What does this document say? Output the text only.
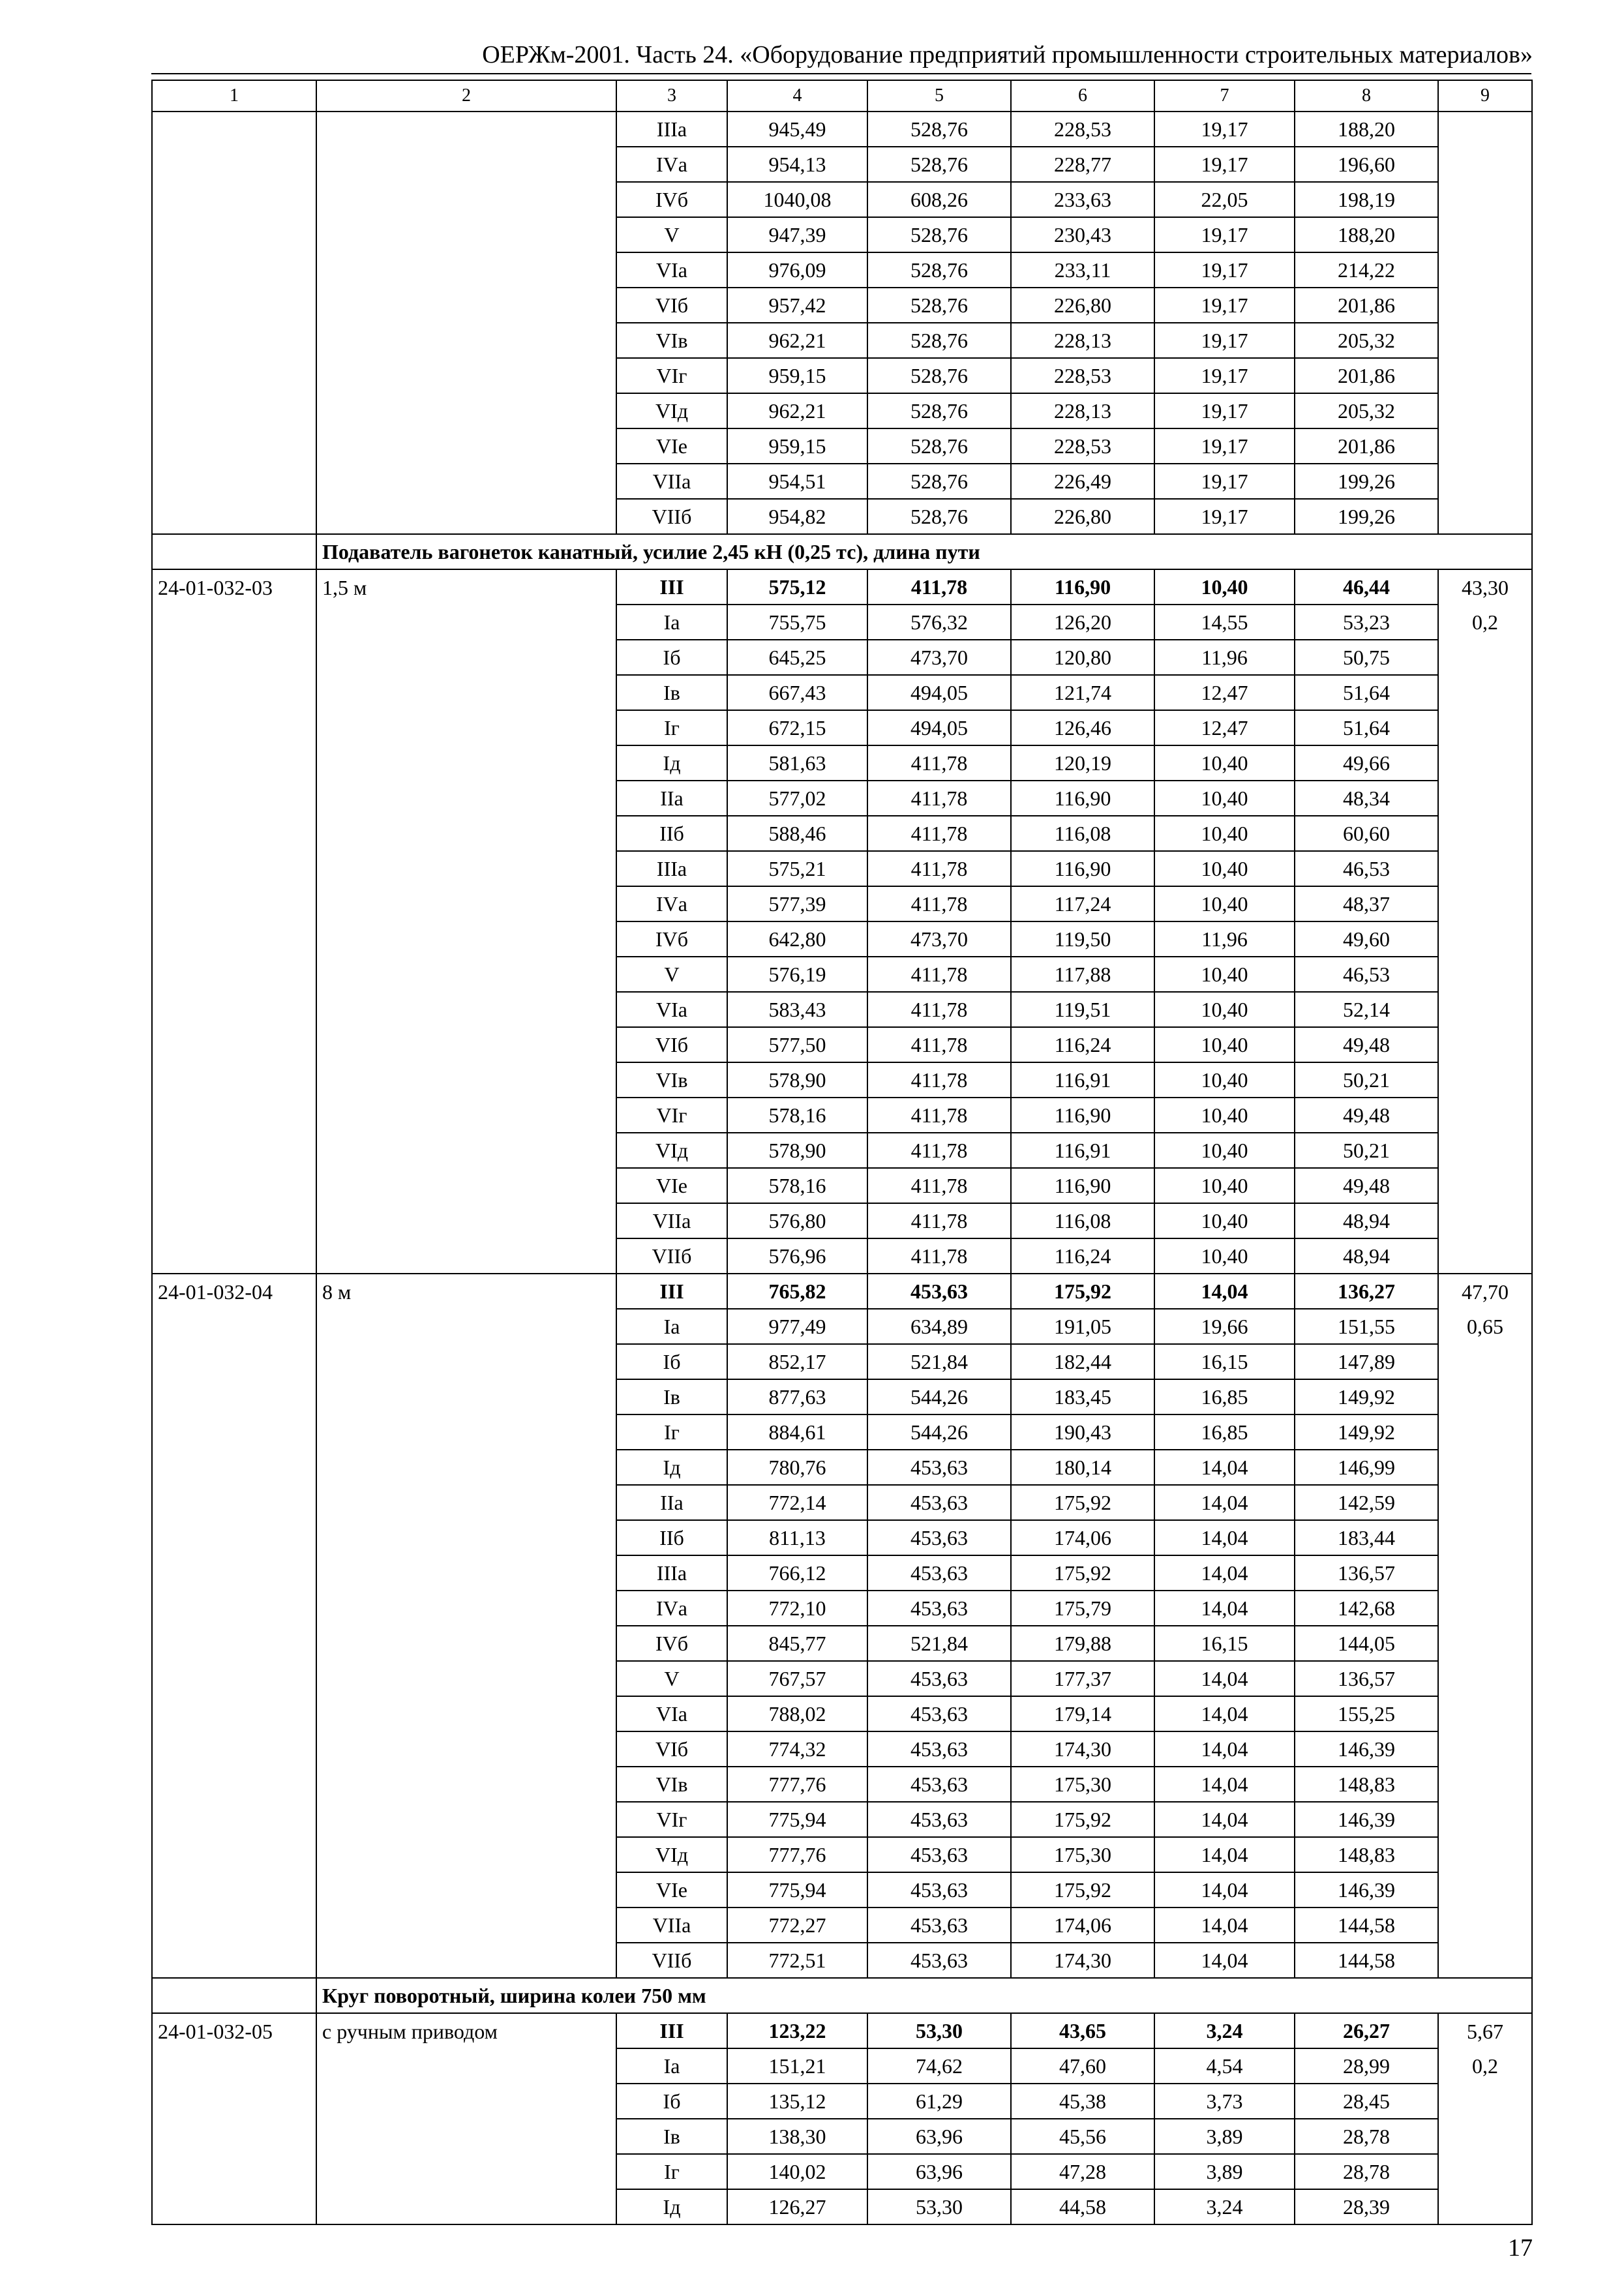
ОЕРЖм-2001. Часть 24. «Оборудование предприятий промышленности строительных материалов»
1	2	3	4	5	6	7	8	9
		IIIа	945,49	528,76	228,53	19,17	188,20	
		IVа	954,13	528,76	228,77	19,17	196,60	
		IVб	1040,08	608,26	233,63	22,05	198,19	
		V	947,39	528,76	230,43	19,17	188,20	
		VIа	976,09	528,76	233,11	19,17	214,22	
		VIб	957,42	528,76	226,80	19,17	201,86	
		VIв	962,21	528,76	228,13	19,17	205,32	
		VIг	959,15	528,76	228,53	19,17	201,86	
		VIд	962,21	528,76	228,13	19,17	205,32	
		VIе	959,15	528,76	228,53	19,17	201,86	
		VIIа	954,51	528,76	226,49	19,17	199,26	
		VIIб	954,82	528,76	226,80	19,17	199,26	
	Подаватель вагонеток канатный, усилие 2,45 кН (0,25 тс), длина пути							
24-01-032-03	1,5 м	III	575,12	411,78	116,90	10,40	46,44	43,30
		Iа	755,75	576,32	126,20	14,55	53,23	0,2
		Iб	645,25	473,70	120,80	11,96	50,75	
		Iв	667,43	494,05	121,74	12,47	51,64	
		Iг	672,15	494,05	126,46	12,47	51,64	
		Iд	581,63	411,78	120,19	10,40	49,66	
		IIа	577,02	411,78	116,90	10,40	48,34	
		IIб	588,46	411,78	116,08	10,40	60,60	
		IIIа	575,21	411,78	116,90	10,40	46,53	
		IVа	577,39	411,78	117,24	10,40	48,37	
		IVб	642,80	473,70	119,50	11,96	49,60	
		V	576,19	411,78	117,88	10,40	46,53	
		VIа	583,43	411,78	119,51	10,40	52,14	
		VIб	577,50	411,78	116,24	10,40	49,48	
		VIв	578,90	411,78	116,91	10,40	50,21	
		VIг	578,16	411,78	116,90	10,40	49,48	
		VIд	578,90	411,78	116,91	10,40	50,21	
		VIе	578,16	411,78	116,90	10,40	49,48	
		VIIа	576,80	411,78	116,08	10,40	48,94	
		VIIб	576,96	411,78	116,24	10,40	48,94	
24-01-032-04	8 м	III	765,82	453,63	175,92	14,04	136,27	47,70
		Iа	977,49	634,89	191,05	19,66	151,55	0,65
		Iб	852,17	521,84	182,44	16,15	147,89	
		Iв	877,63	544,26	183,45	16,85	149,92	
		Iг	884,61	544,26	190,43	16,85	149,92	
		Iд	780,76	453,63	180,14	14,04	146,99	
		IIа	772,14	453,63	175,92	14,04	142,59	
		IIб	811,13	453,63	174,06	14,04	183,44	
		IIIа	766,12	453,63	175,92	14,04	136,57	
		IVа	772,10	453,63	175,79	14,04	142,68	
		IVб	845,77	521,84	179,88	16,15	144,05	
		V	767,57	453,63	177,37	14,04	136,57	
		VIа	788,02	453,63	179,14	14,04	155,25	
		VIб	774,32	453,63	174,30	14,04	146,39	
		VIв	777,76	453,63	175,30	14,04	148,83	
		VIг	775,94	453,63	175,92	14,04	146,39	
		VIд	777,76	453,63	175,30	14,04	148,83	
		VIе	775,94	453,63	175,92	14,04	146,39	
		VIIа	772,27	453,63	174,06	14,04	144,58	
		VIIб	772,51	453,63	174,30	14,04	144,58	
	Круг поворотный, ширина колеи 750 мм							
24-01-032-05	с ручным приводом	III	123,22	53,30	43,65	3,24	26,27	5,67
		Iа	151,21	74,62	47,60	4,54	28,99	0,2
		Iб	135,12	61,29	45,38	3,73	28,45	
		Iв	138,30	63,96	45,56	3,89	28,78	
		Iг	140,02	63,96	47,28	3,89	28,78	
		Iд	126,27	53,30	44,58	3,24	28,39	
17
